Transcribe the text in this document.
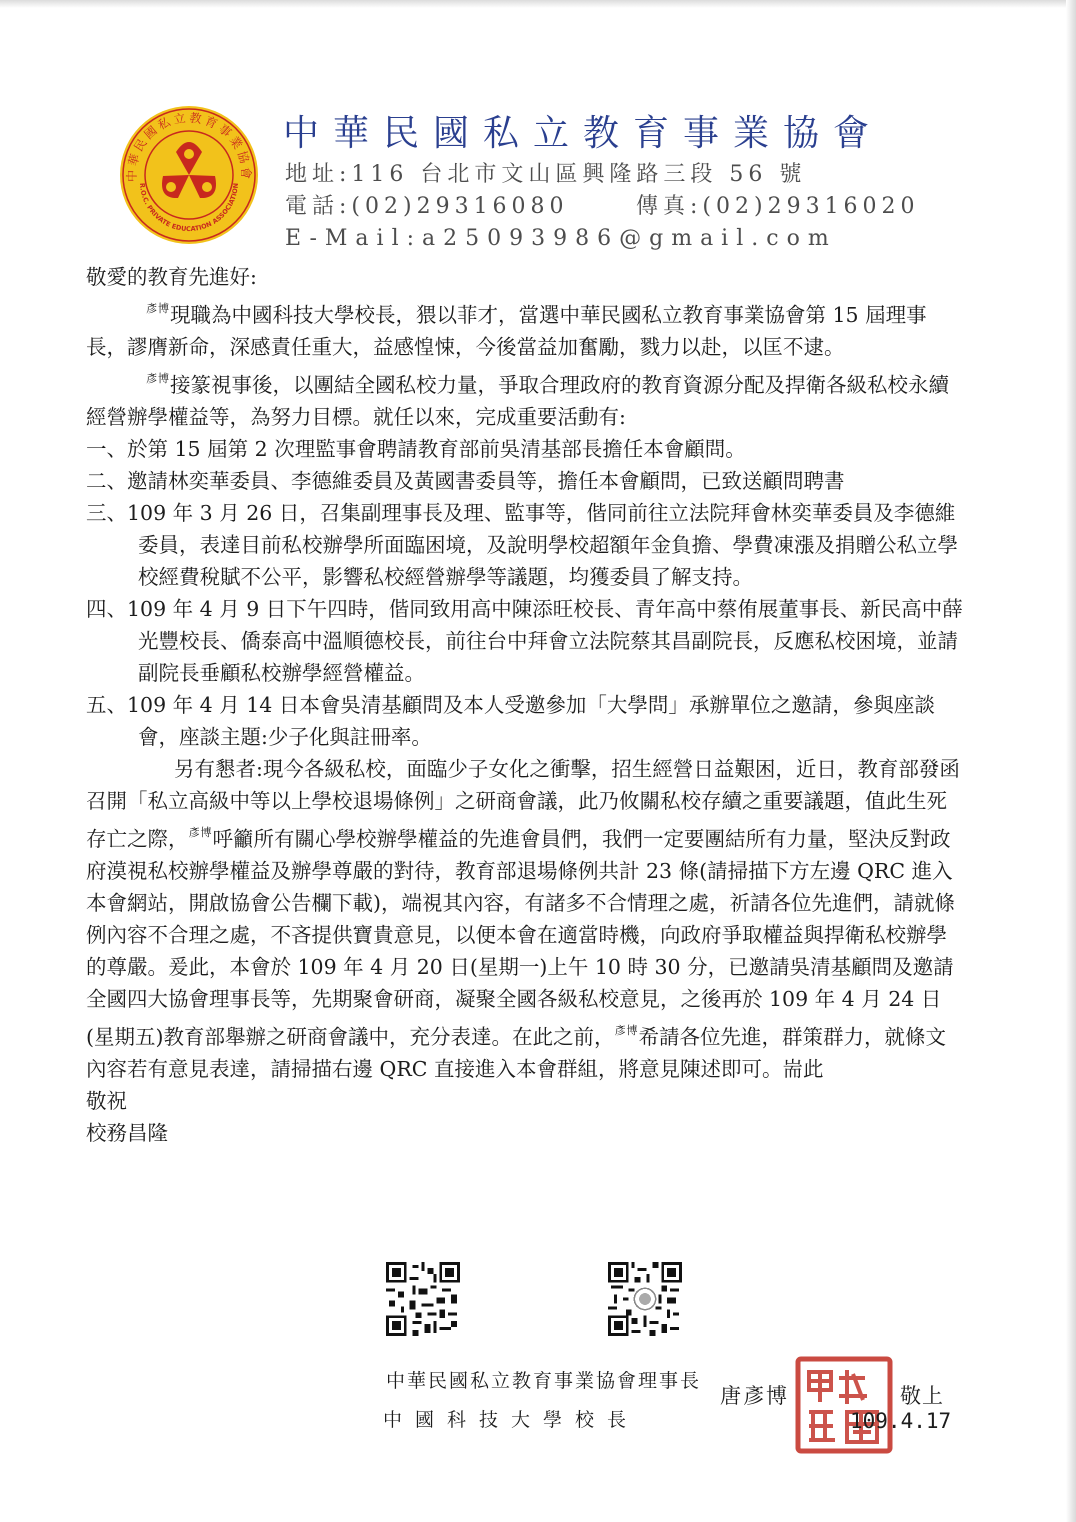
中華民國私立教育事業協會
R.O.C. PRIVATE EDUCATION ASSOCIATION
中華民國私立教育事業協會
地址:116 台北市文山區興隆路三段 56 號
電話:(02)29316080	傳真:(02)29316020
E-Mail:a25093986@gmail.com

敬愛的教育先進好:

$^{彥博}$現職為中國科技大學校長，猥以菲才，當選中華民國私立教育事業協會第 15 屆理事長，謬膺新命，深感責任重大，益感惶悚，今後當益加奮勵，戮力以赴，以匡不逮。

$^{彥博}$接篆視事後，以團結全國私校力量，爭取合理政府的教育資源分配及捍衛各級私校永續經營辦學權益等，為努力目標。就任以來，完成重要活動有:

一、於第 15 屆第 2 次理監事會聘請教育部前吳清基部長擔任本會顧問。

二、邀請林奕華委員、李德維委員及黃國書委員等，擔任本會顧問，已致送顧問聘書

三、109 年 3 月 26 日，召集副理事長及理、監事等，偕同前往立法院拜會林奕華委員及李德維委員，表達目前私校辦學所面臨困境，及說明學校超額年金負擔、學費凍漲及捐贈公私立學校經費稅賦不公平，影響私校經營辦學等議題，均獲委員了解支持。

四、109 年 4 月 9 日下午四時，偕同致用高中陳添旺校長、青年高中蔡侑展董事長、新民高中薛光豐校長、僑泰高中溫順德校長，前往台中拜會立法院蔡其昌副院長，反應私校困境，並請副院長垂顧私校辦學經營權益。

五、109 年 4 月 14 日本會吳清基顧問及本人受邀參加「大學問」承辦單位之邀請，參與座談會，座談主題:少子化與註冊率。

另有懇者:現今各級私校，面臨少子女化之衝擊，招生經營日益艱困，近日，教育部發函召開「私立高級中等以上學校退場條例」之研商會議，此乃攸關私校存續之重要議題，值此生死存亡之際，$^{彥博}$呼籲所有關心學校辦學權益的先進會員們，我們一定要團結所有力量，堅決反對政府漠視私校辦學權益及辦學尊嚴的對待，教育部退場條例共計 23 條(請掃描下方左邊 QRC 進入本會網站，開啟協會公告欄下載)，端視其內容，有諸多不合情理之處，祈請各位先進們，請就條例內容不合理之處，不吝提供寶貴意見，以便本會在適當時機，向政府爭取權益與捍衛私校辦學的尊嚴。爰此，本會於 109 年 4 月 20 日(星期一)上午 10 時 30 分，已邀請吳清基顧問及邀請全國四大協會理事長等，先期聚會研商，凝聚全國各級私校意見，之後再於 109 年 4 月 24 日(星期五)教育部舉辦之研商會議中，充分表達。在此之前，$^{彥博}$希請各位先進，群策群力，就條文內容若有意見表達，請掃描右邊 QRC 直接進入本會群組，將意見陳述即可。耑此

敬祝

校務昌隆

中華民國私立教育事業協會理事長
中國科技大學校長
唐彥博	敬上
109.4.17
